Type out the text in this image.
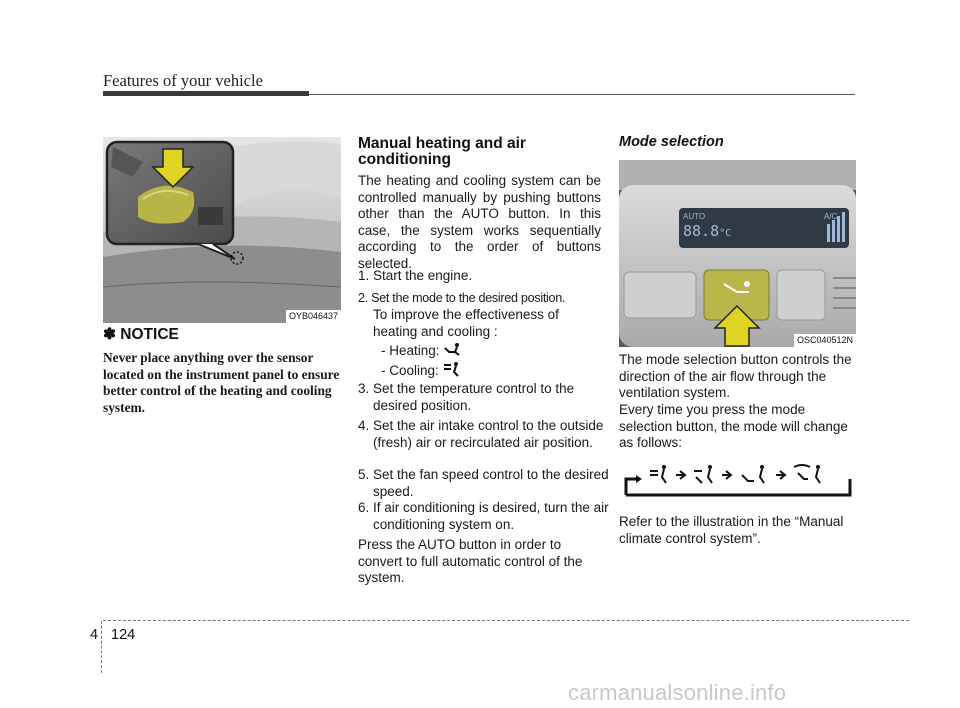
Features of your vehicle
OYB046437
✽ NOTICE
Never place anything over the sensor located on the instrument panel to ensure better control of the heating and cooling system.
Manual heating and air conditioning
The heating and cooling system can be controlled manually by pushing buttons other than the AUTO button. In this case, the system works sequentially according to the order of buttons selected.
1. Start the engine.
2. Set the mode to the desired position.
To improve the effectiveness of heating and cooling :
- Heating:
- Cooling:
3. Set the temperature control to the desired position.
4. Set the air intake control to the outside (fresh) air or recirculated air position.
5. Set the fan speed control to the desired speed.
6. If air conditioning is desired, turn the air conditioning system on.
Press the AUTO button in order to convert to full automatic control of the system.
Mode selection
AUTO	A/C
88.8°C
OSC040512N
The mode selection button controls the direction of the air flow through the ventilation system.
Every time you press the mode selection button, the mode will change as follows:
Refer to the illustration in the “Manual climate control system”.
4 124
carmanualsonline.info
